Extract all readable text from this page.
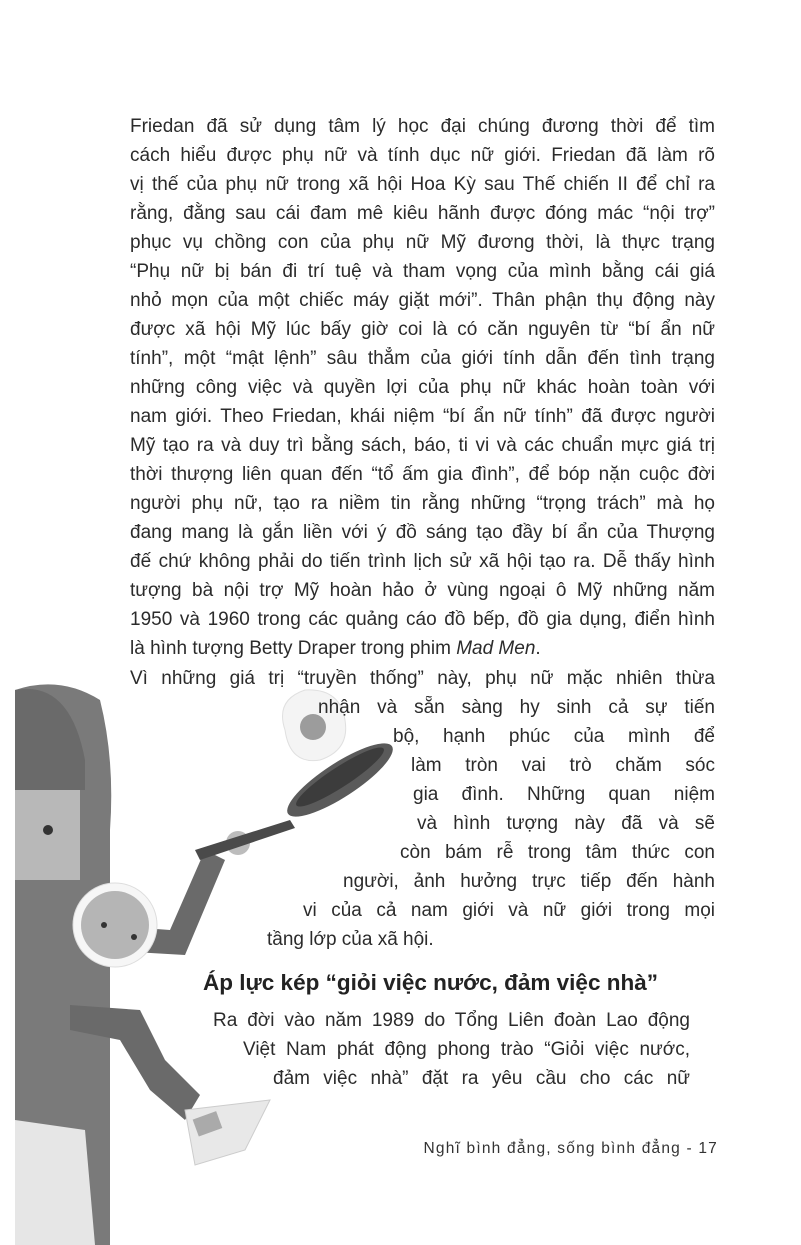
Friedan đã sử dụng tâm lý học đại chúng đương thời để tìm
cách hiểu được phụ nữ và tính dục nữ giới. Friedan đã làm rõ
vị thế của phụ nữ trong xã hội Hoa Kỳ sau Thế chiến II để chỉ ra
rằng, đằng sau cái đam mê kiêu hãnh được đóng mác “nội trợ”
phục vụ chồng con của phụ nữ Mỹ đương thời, là thực trạng
“Phụ nữ bị bán đi trí tuệ và tham vọng của mình bằng cái giá
nhỏ mọn của một chiếc máy giặt mới”. Thân phận thụ động này
được xã hội Mỹ lúc bấy giờ coi là có căn nguyên từ “bí ẩn nữ
tính”, một “mật lệnh” sâu thẳm của giới tính dẫn đến tình trạng
những công việc và quyền lợi của phụ nữ khác hoàn toàn với
nam giới. Theo Friedan, khái niệm “bí ẩn nữ tính” đã được người
Mỹ tạo ra và duy trì bằng sách, báo, ti vi và các chuẩn mực giá trị
thời thượng liên quan đến “tổ ấm gia đình”, để bóp nặn cuộc đời
người phụ nữ, tạo ra niềm tin rằng những “trọng trách” mà họ
đang mang là gắn liền với ý đồ sáng tạo đầy bí ẩn của Thượng
đế chứ không phải do tiến trình lịch sử xã hội tạo ra. Dễ thấy hình
tượng bà nội trợ Mỹ hoàn hảo ở vùng ngoại ô Mỹ những năm
1950 và 1960 trong các quảng cáo đồ bếp, đồ gia dụng, điển hình
là hình tượng Betty Draper trong phim Mad Men.
Vì những giá trị “truyền thống” này, phụ nữ mặc nhiên thừa
nhận và sẵn sàng hy sinh cả sự tiến
bộ, hạnh phúc của mình để
làm tròn vai trò chăm sóc
gia đình. Những quan niệm
và hình tượng này đã và sẽ
còn bám rễ trong tâm thức con
người, ảnh hưởng trực tiếp đến hành
vi của cả nam giới và nữ giới trong mọi
tầng lớp của xã hội.
Áp lực kép “giỏi việc nước, đảm việc nhà”
Ra đời vào năm 1989 do Tổng Liên đoàn Lao động
Việt Nam phát động phong trào “Giỏi việc nước,
đảm việc nhà” đặt ra yêu cầu cho các nữ
Nghĩ bình đẳng, sống bình đẳng - 17
